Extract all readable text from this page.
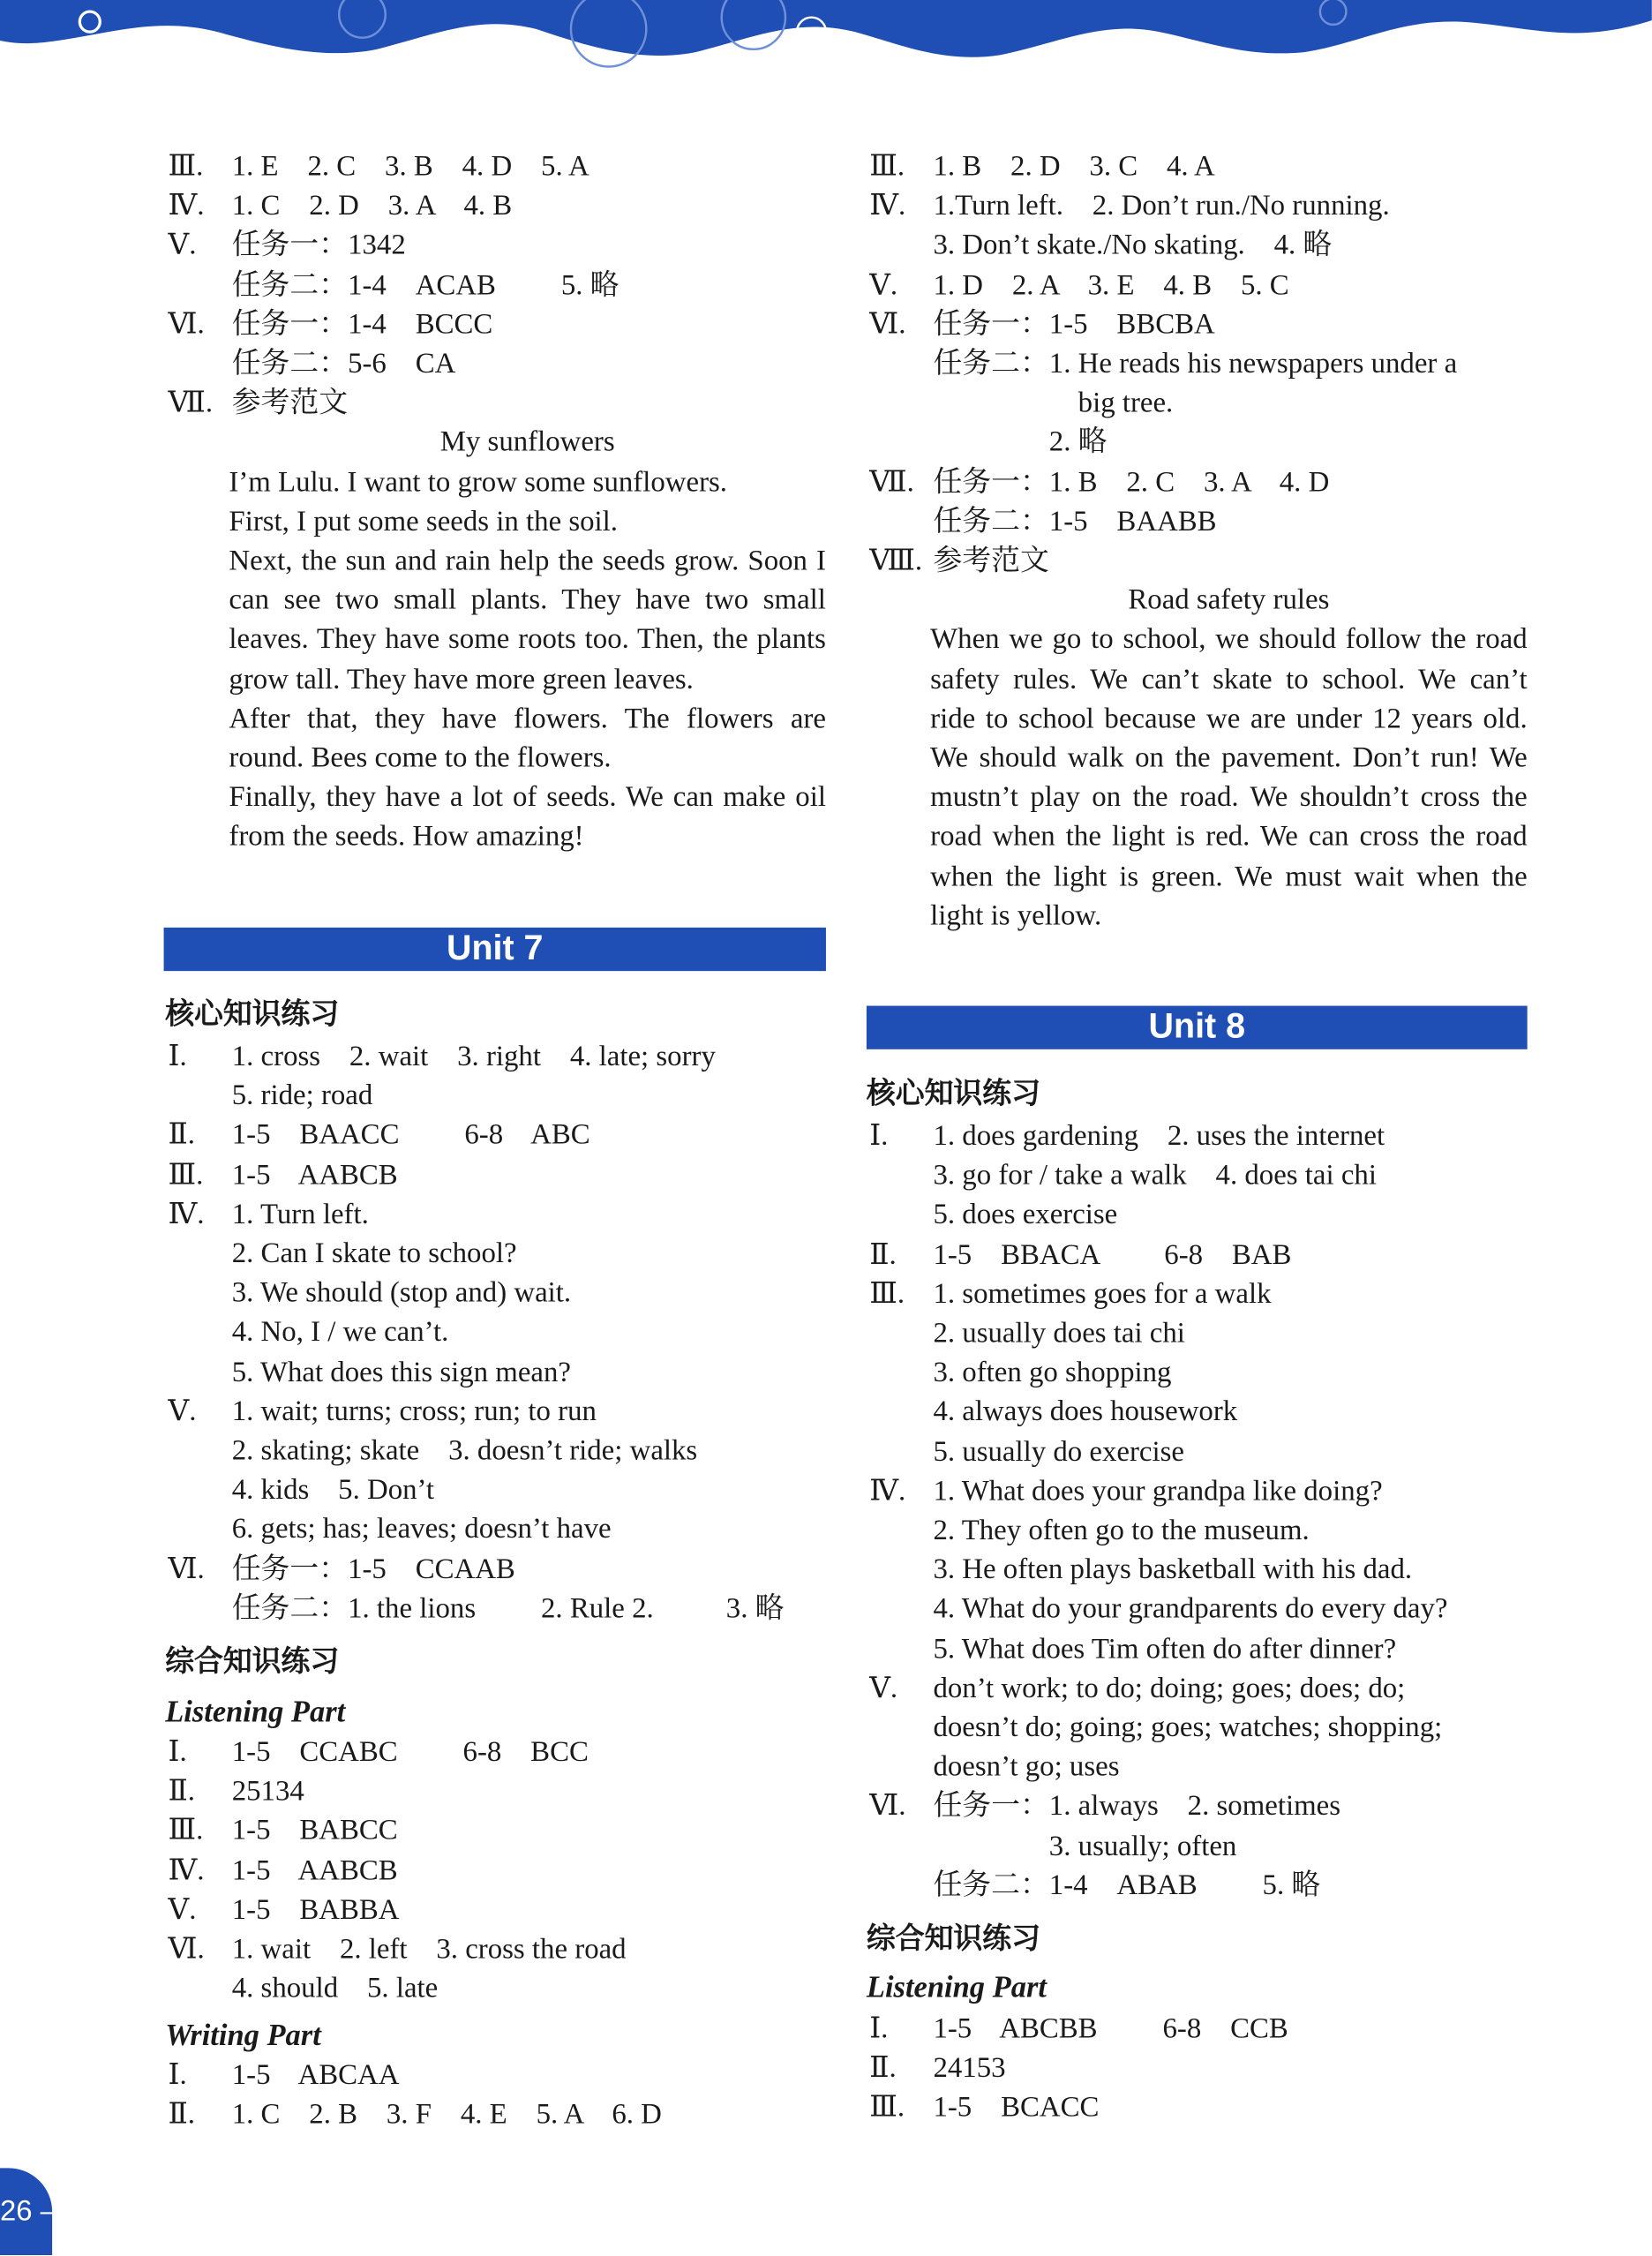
26 –
Ⅲ. 1. E    2. C    3. B    4. D    5. A
Ⅳ. 1. C    2. D    3. A    4. B
Ⅴ. 任务一：1342
任务二：1-4    ACAB         5. 略
Ⅵ. 任务一：1-4    BCCC
任务二：5-6    CA
Ⅶ. 参考范文
My sunflowers
I’m Lulu. I want to grow some sunflowers.
First, I put some seeds in the soil.
Next, the sun and rain help the seeds grow. Soon I can see two small plants. They have two small leaves. They have some roots too. Then, the plants grow tall. They have more green leaves.
After that, they have flowers. The flowers are round. Bees come to the flowers.
Finally, they have a lot of seeds. We can make oil from the seeds. How amazing!
Unit 7
核心知识练习
Ⅰ.	1. cross    2. wait    3. right    4. late; sorry
5. ride; road
Ⅱ. 1-5    BAACC         6-8    ABC
Ⅲ. 1-5    AABCB
Ⅳ. 1. Turn left.
2. Can I skate to school?
3. We should (stop and) wait.
4. No, I / we can’t.
5. What does this sign mean?
Ⅴ. 1. wait; turns; cross; run; to run
2. skating; skate    3. doesn’t ride; walks
4. kids    5. Don’t
6. gets; has; leaves; doesn’t have
Ⅵ. 任务一：1-5    CCAAB
任务二：1. the lions         2. Rule 2.          3. 略
综合知识练习
Listening Part
Ⅰ.	1-5    CCABC         6-8    BCC
Ⅱ. 25134
Ⅲ. 1-5    BABCC
Ⅳ. 1-5    AABCB
Ⅴ. 1-5    BABBA
Ⅵ. 1. wait    2. left    3. cross the road
4. should    5. late
Writing Part
Ⅰ.	1-5    ABCAA
Ⅱ. 1. C    2. B    3. F    4. E    5. A    6. D
Ⅲ. 1. B    2. D    3. C    4. A
Ⅳ. 1.Turn left.    2. Don’t run./No running.
3. Don’t skate./No skating.    4. 略
Ⅴ. 1. D    2. A    3. E    4. B    5. C
Ⅵ. 任务一：1-5    BBCBA
任务二：1. He reads his newspapers under a
big tree.
2. 略
Ⅶ. 任务一：1. B    2. C    3. A    4. D
任务二：1-5    BAABB
Ⅷ. 参考范文
Road safety rules
When we go to school, we should follow the road safety rules. We can’t skate to school. We can’t ride to school because we are under 12 years old. We should walk on the pavement. Don’t run! We mustn’t play on the road. We shouldn’t cross the road when the light is red. We can cross the road when the light is green. We must wait when the light is yellow.
Unit 8
核心知识练习
Ⅰ.	1. does gardening    2. uses the internet
3. go for / take a walk    4. does tai chi
5. does exercise
Ⅱ. 1-5    BBACA         6-8    BAB
Ⅲ. 1. sometimes goes for a walk
2. usually does tai chi
3. often go shopping
4. always does housework
5. usually do exercise
Ⅳ. 1. What does your grandpa like doing?
2. They often go to the museum.
3. He often plays basketball with his dad.
4. What do your grandparents do every day?
5. What does Tim often do after dinner?
Ⅴ. don’t work; to do; doing; goes; does; do;
doesn’t do; going; goes; watches; shopping;
doesn’t go; uses
Ⅵ. 任务一：1. always    2. sometimes
3. usually; often
任务二：1-4    ABAB         5. 略
综合知识练习
Listening Part
Ⅰ.	1-5    ABCBB         6-8    CCB
Ⅱ. 24153
Ⅲ. 1-5    BCACC
